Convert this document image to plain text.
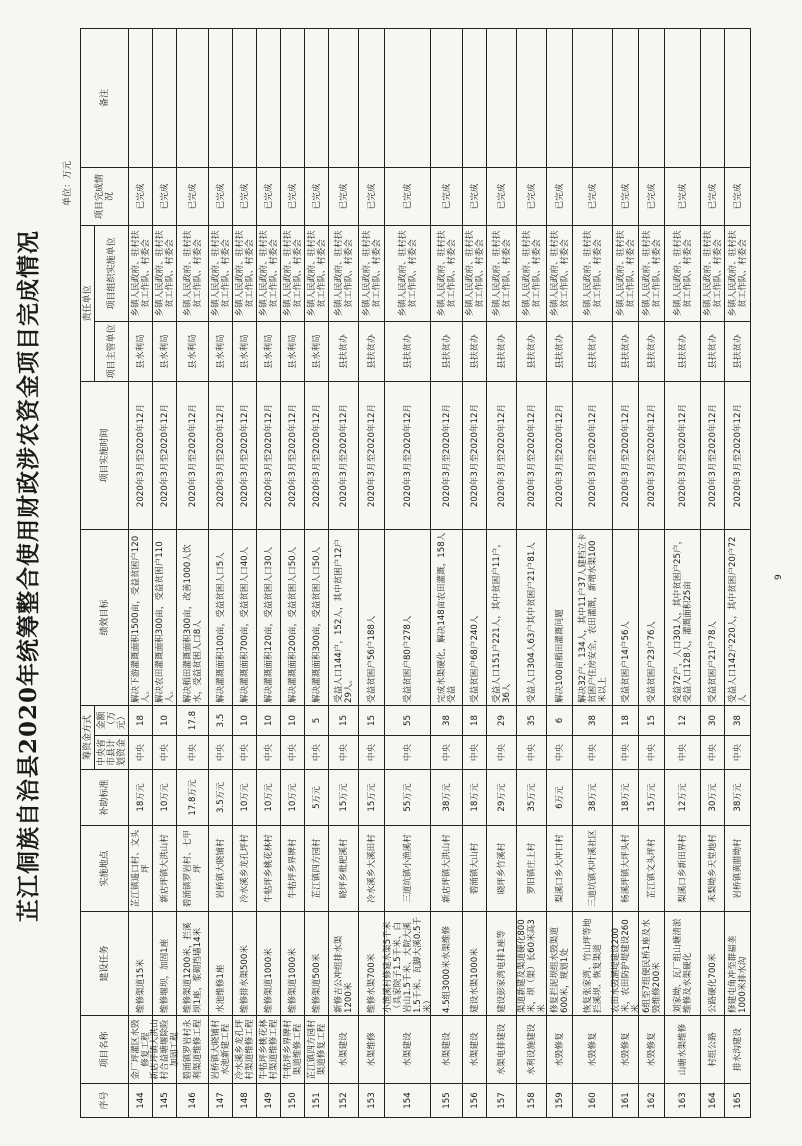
芷江侗族自治县2020年统筹整合使用财政涉农资金项目完成情况
单位：万元
序号
项目名称
建设任务
实施地点
补助标准
筹资金方式 中央省市县计划资金
金额（万元）
绩效目标
项目实施时间
责任单位
项目主管单位
项目组织实施单位
项目完成情况
备注
144
金厂坪灌区水毁修复工程
维修渠道15米
芷江镇遥口村、文头坪
18万元
中央
18
解决下游灌溉面积1500亩，受益贫困户120人。
2020年3月至2020年12月
县水利局
乡镇人民政府、驻村扶贫工作队、村委会
已完成
145
新店坪镇大洪山村合益塘堰除险加固工程
维修堰坝，加固1座
新店坪镇大洪山村
10万元
中央
10
解决农田灌溉面积300亩，受益贫困户110人。
2020年3月至2020年12月
县水利局
乡镇人民政府、驻村扶贫工作队、村委会
已完成
146
碧涌镇罗岩村永利渠道维修工程
维修渠道1200米，拦溪坝1座，浆砌挡墙14米
碧涌镇罗岩村、七甲坪
17.8万元
中央
17.8
解决稻田灌溉面积300亩，改善1000人饮水，受益贫困人口8人
2020年3月至2020年12月
县水利局
乡镇人民政府、驻村扶贫工作队、村委会
已完成
147
岩桥镇大晓铺村水池新建工程
水池维修1座
岩桥镇大晓铺村
3.5万元
中央
3.5
解决灌溉面积100亩，受益贫困人口5人
2020年3月至2020年12月
县水利局
乡镇人民政府、驻村扶贫工作队、村委会
已完成
148
冷水溪乡龙孔坪村渠道维修工程
维修排水渠500米
冷水溪乡龙孔坪村
10万元
中央
10
解决灌溉面积700亩，受益贫困人口40人
2020年3月至2020年12月
县水利局
乡镇人民政府、驻村扶贫工作队、村委会
已完成
149
牛牯坪乡桃花林村渠道维修工程
维修渠道1000米
牛牯坪乡桃花林村
10万元
中央
10
解决灌溉面积120亩，受益贫困人口30人
2020年3月至2020年12月
县水利局
乡镇人民政府、驻村扶贫工作队、村委会
已完成
150
牛牯坪乡界牌村渠道维修工程
维修渠道1000米
牛牯坪乡界牌村
10万元
中央
10
解决灌溉面积200亩，受益贫困人口50人
2020年3月至2020年12月
县水利局
乡镇人民政府、驻村扶贫工作队、村委会
已完成
151
芷江镇四方园村渠道修复工程
维修渠道500米
芷江镇四方园村
5万元
中央
5
解决灌溉面积300亩，受益贫困人口50人
2020年3月至2020年12月
县水利局
乡镇人民政府、驻村扶贫工作队、村委会
已完成
152
水渠建设
新修吉公冲组排水渠1200米
晓坪乡枇杷溪村
15万元
中央
15
受益人口144户，152人，其中贫困户12户29人。
2020年3月至2020年12月
县扶贫办
乡镇人民政府、驻村扶贫工作队、村委会
已完成
153
水渠维修
维修水渠700米
冷水溪乡大溪田村
15万元
中央
15
受益贫困户56户188人
2020年3月至2020年12月
县扶贫办
乡镇人民政府、驻村扶贫工作队、村委会
已完成
154
水渠建设
小渔溪村修建水渠5千米（具家院子1.5千米、白岩山1.5千米、大院大溪1.5千米、瓦脚大溪0.5千米）
三道坑镇小渔溪村
55万元
中央
55
受益贫困户80户278人
2020年3月至2020年12月
县扶贫办
乡镇人民政府、驻村扶贫工作队、村委会
已完成
155
水渠建设
4.5组3000米水渠维修
新店坪镇大洪山村
38万元
中央
38
完成水渠硬化，解决148亩农田灌溉，158人受益
2020年3月至2020年12月
县扶贫办
乡镇人民政府、驻村扶贫工作队、村委会
已完成
156
水渠建设
建设水渠1000米
碧涌镇大山村
18万元
中央
18
受益贫困户68户240人
2020年3月至2020年12月
县扶贫办
乡镇人民政府、驻村扶贫工作队、村委会
已完成
157
水渠电排建设
建设彭家湾电排1座等
晓坪乡竹溪村
29万元
中央
29
受益人口151户221人，其中贫困户11户，36人
2020年3月至2020年12月
县扶贫办
乡镇人民政府、驻村扶贫工作队、村委会
已完成
158
水利设施建设
渠道新建及渠道硬化800米，坝（渠）长60米高3米
罗旧镇庄上村
35万元
中央
35
受益人口304人63户其中贫困户21户81人
2020年3月至2020年12月
县扶贫办
乡镇人民政府、驻村扶贫工作队、村委会
已完成
159
水毁修复
修复拦泥坝组水毁渠道600米，规划1处
梨溪口乡大冲口村
6万元
中央
6
解决100亩稻田灌溉问题
2020年3月至2020年12月
县扶贫办
乡镇人民政府、驻村扶贫工作队、村委会
已完成
160
水毁修复
恢复张家湾、竹山坪等地拦溪坝、恢复渠道
三道坑镇木叶溪社区
38万元
中央
38
解决32户、134人，其中11户37人建档立卡贫困户住房安全，农田灌溉，新增水渠100米以上
2020年3月至2020年12月
县扶贫办
乡镇人民政府、驻村扶贫工作队、村委会
已完成
161
水毁修复
农田水毁涵堤建设200米，农田防护堤建设260米
杨溪坪镇大坪头村
18万元
中央
18
受益贫困户14户56人
2020年3月至2020年12月
县扶贫办
乡镇人民政府、驻村扶贫工作队、村委会
已完成
162
水毁修复
6组至7组便民桥1座及水毁维修200米
芷江镇文头坪村
15万元
中央
15
受益贫困户23户76人
2020年3月至2020年12月
县扶贫办
乡镇人民政府、驻村扶贫工作队、村委会
已完成
163
山塘水渠维修
刘家坳、瓦厂组山塘清淤维修及水渠硬化
梨溪口乡新田界村
12万元
中央
12
受益72户，人口301人，其中贫困户25户，受益人口128人，灌溉面积25亩
2020年3月至2020年12月
县扶贫办
乡镇人民政府、驻村扶贫工作队、村委会
已完成
164
村组公路
公路硬化700米
禾梨坳乡天堂地村
30万元
中央
30
受益贫困户21户78人
2020年3月至2020年12月
县扶贫办
乡镇人民政府、驻村扶贫工作队、村委会
已完成
165
排水沟建设
修建屯角冲至群福垄1000米排水沟
岩桥镇黄腊坳村
38万元
中央
38
受益人口142户220人，其中贫困户20户72人
2020年3月至2020年12月
县扶贫办
乡镇人民政府、驻村扶贫工作队、村委会
已完成
9
